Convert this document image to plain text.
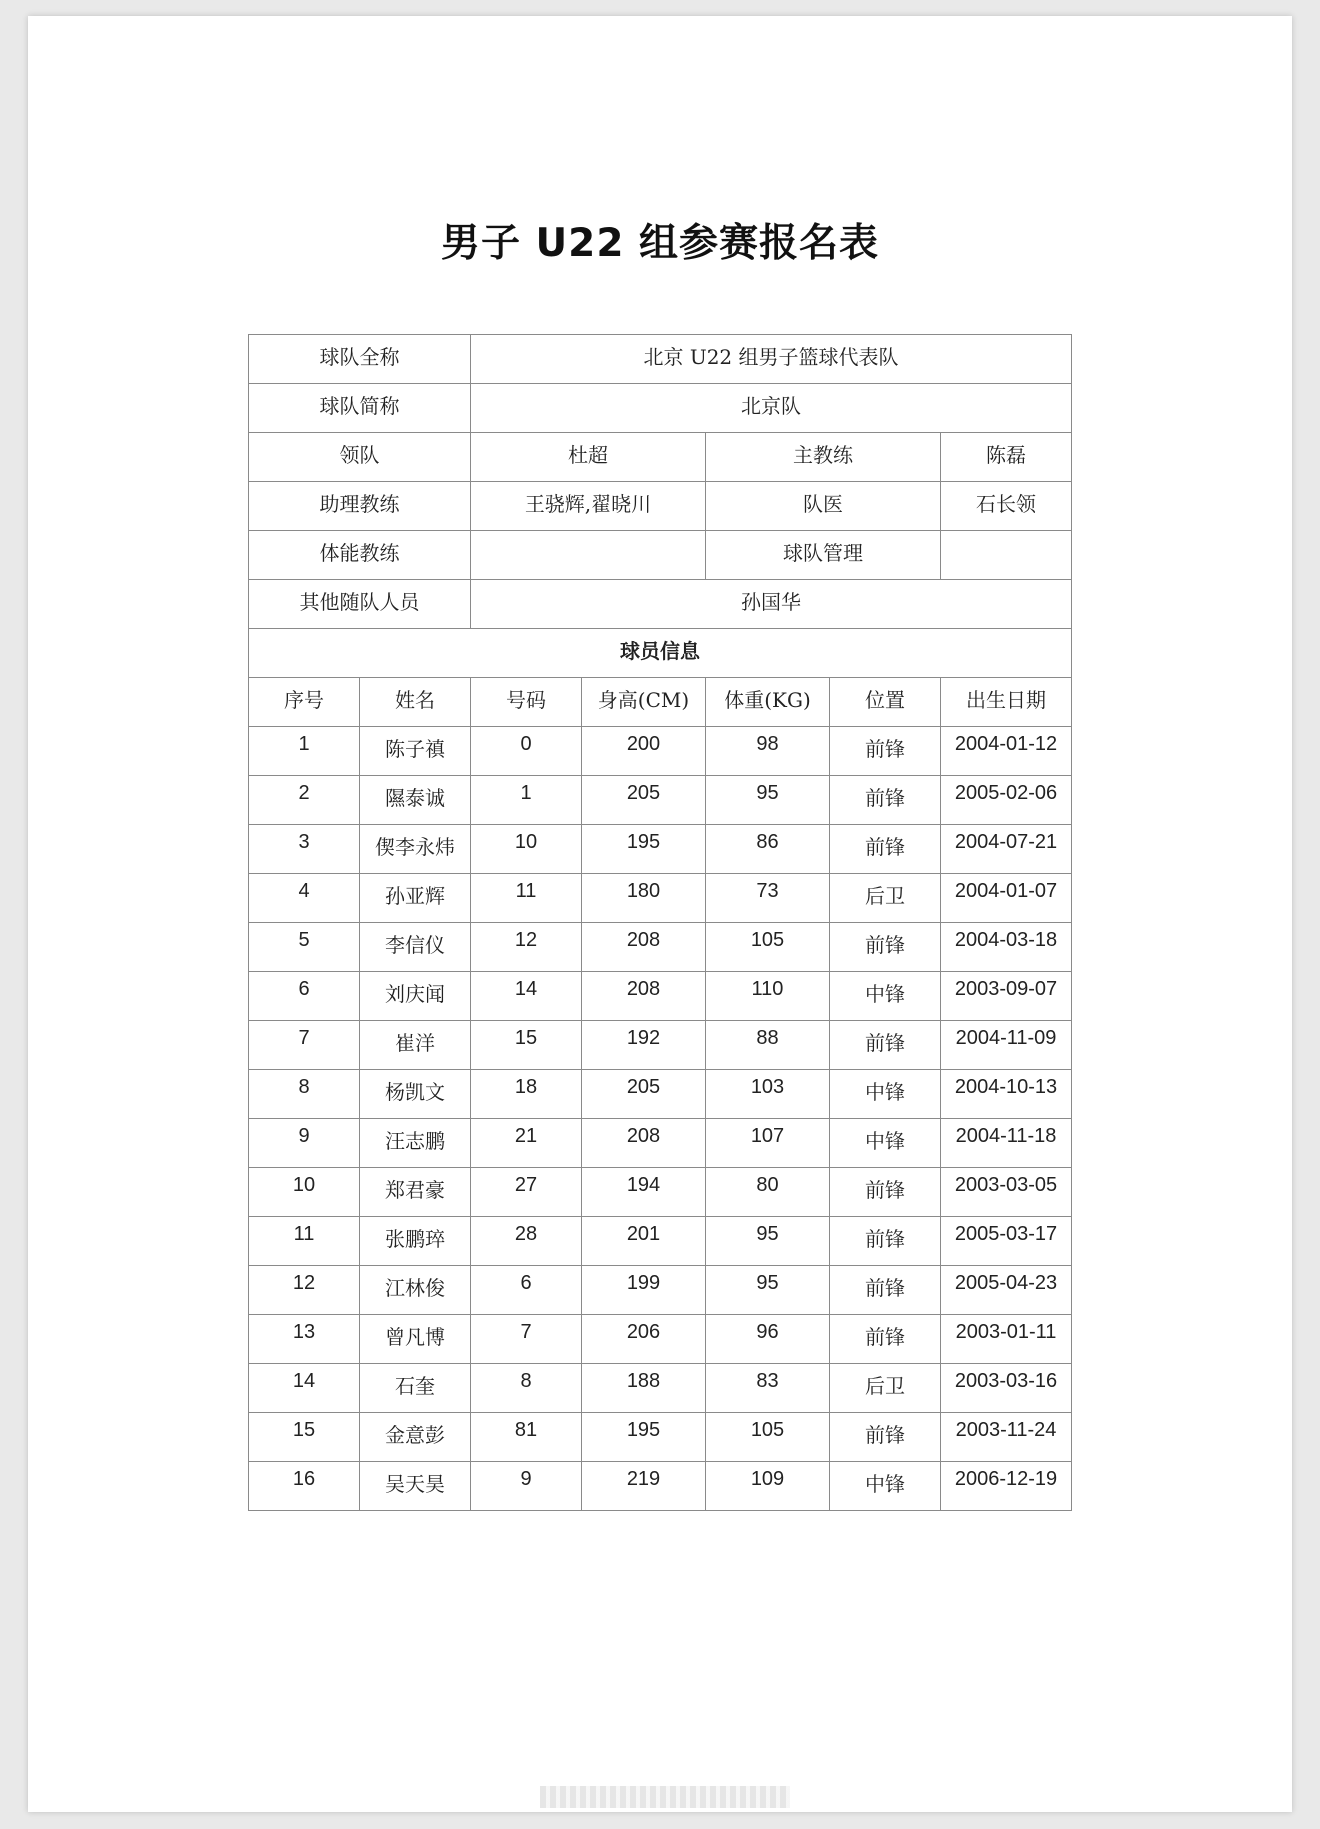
男子 U22 组参赛报名表
球队全称		北京 U22 组男子篮球代表队				
球队简称		北京队				
领队		杜超		主教练		陈磊
助理教练		王骁辉,翟晓川		队医		石长领
体能教练				球队管理		
其他随队人员		孙国华				
球员信息						
序号	姓名	号码	身高(CM)	体重(KG)	位置	出生日期
1	陈子禛	0	200	98	前锋	2004-01-12
2	隰泰诚	1	205	95	前锋	2005-02-06
3	偰李永炜	10	195	86	前锋	2004-07-21
4	孙亚辉	11	180	73	后卫	2004-01-07
5	李信仪	12	208	105	前锋	2004-03-18
6	刘庆闻	14	208	110	中锋	2003-09-07
7	崔洋	15	192	88	前锋	2004-11-09
8	杨凯文	18	205	103	中锋	2004-10-13
9	汪志鹏	21	208	107	中锋	2004-11-18
10	郑君豪	27	194	80	前锋	2003-03-05
11	张鹏琗	28	201	95	前锋	2005-03-17
12	江林俊	6	199	95	前锋	2005-04-23
13	曾凡博	7	206	96	前锋	2003-01-11
14	石奎	8	188	83	后卫	2003-03-16
15	金意彭	81	195	105	前锋	2003-11-24
16	吴天昊	9	219	109	中锋	2006-12-19
